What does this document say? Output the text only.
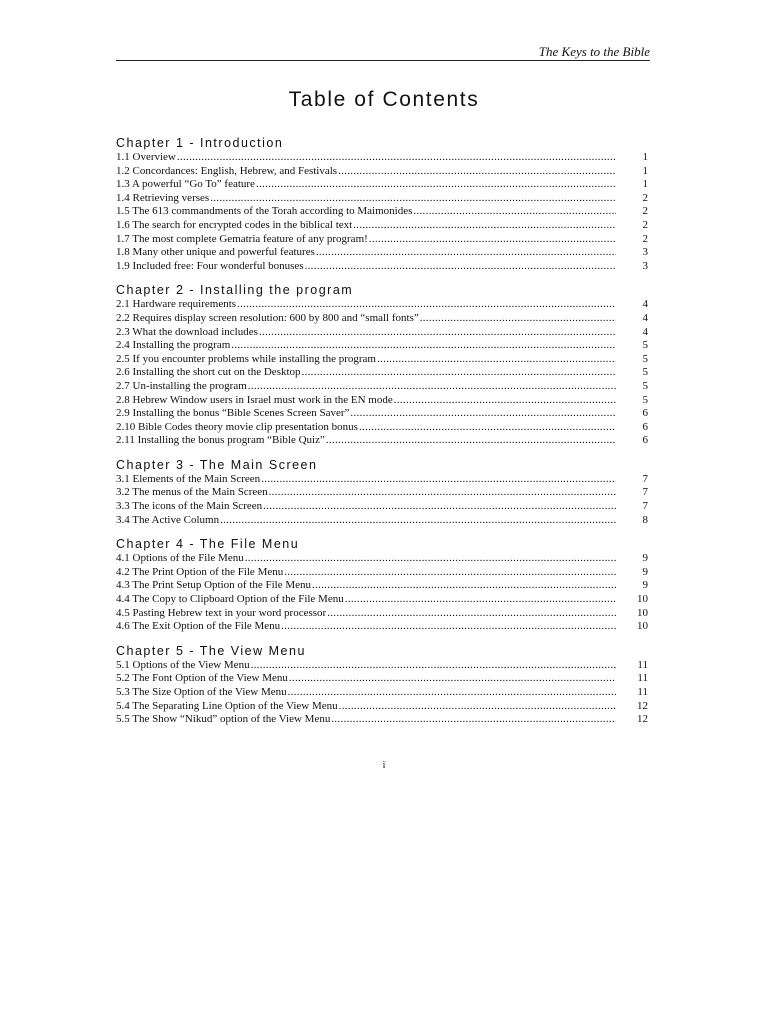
The Keys to the Bible
Table of Contents
Chapter 1 - Introduction
1.1 Overview .....	1
1.2 Concordances: English, Hebrew, and Festivals .....	1
1.3 A powerful “Go To” feature .....	1
1.4 Retrieving verses .....	2
1.5 The 613 commandments of the Torah according to Maimonides .....	2
1.6 The search for encrypted codes in the biblical text .....	2
1.7 The most complete Gematria feature of any program! .....	2
1.8 Many other unique and powerful features .....	3
1.9 Included free: Four wonderful bonuses .....	3
Chapter 2 - Installing the program
2.1 Hardware requirements .....	4
2.2 Requires display screen resolution: 600 by 800 and “small fonts” .....	4
2.3 What the download includes .....	4
2.4 Installing the program .....	5
2.5 If you encounter problems while installing the program .....	5
2.6 Installing the short cut on the Desktop .....	5
2.7 Un-installing the program .....	5
2.8 Hebrew Window users in Israel must work in the EN mode .....	5
2.9 Installing the bonus “Bible Scenes Screen Saver” .....	6
2.10 Bible Codes theory movie clip presentation bonus .....	6
2.11 Installing the bonus program “Bible Quiz” .....	6
Chapter 3 - The Main Screen
3.1 Elements of the Main Screen .....	7
3.2 The menus of the Main Screen .....	7
3.3 The icons of the Main Screen .....	7
3.4 The Active Column .....	8
Chapter 4 - The File Menu
4.1 Options of the File Menu .....	9
4.2 The Print Option of the File Menu .....	9
4.3 The Print Setup Option of the File Menu .....	9
4.4 The Copy to Clipboard Option of the File Menu .....	10
4.5 Pasting Hebrew text in your word processor .....	10
4.6 The Exit Option of the File Menu .....	10
Chapter 5 - The View Menu
5.1 Options of the View Menu .....	11
5.2 The Font Option of the View Menu .....	11
5.3 The Size Option of the View Menu .....	11
5.4 The Separating Line Option of the View Menu .....	12
5.5 The Show “Nikud” option of the View Menu .....	12
i
